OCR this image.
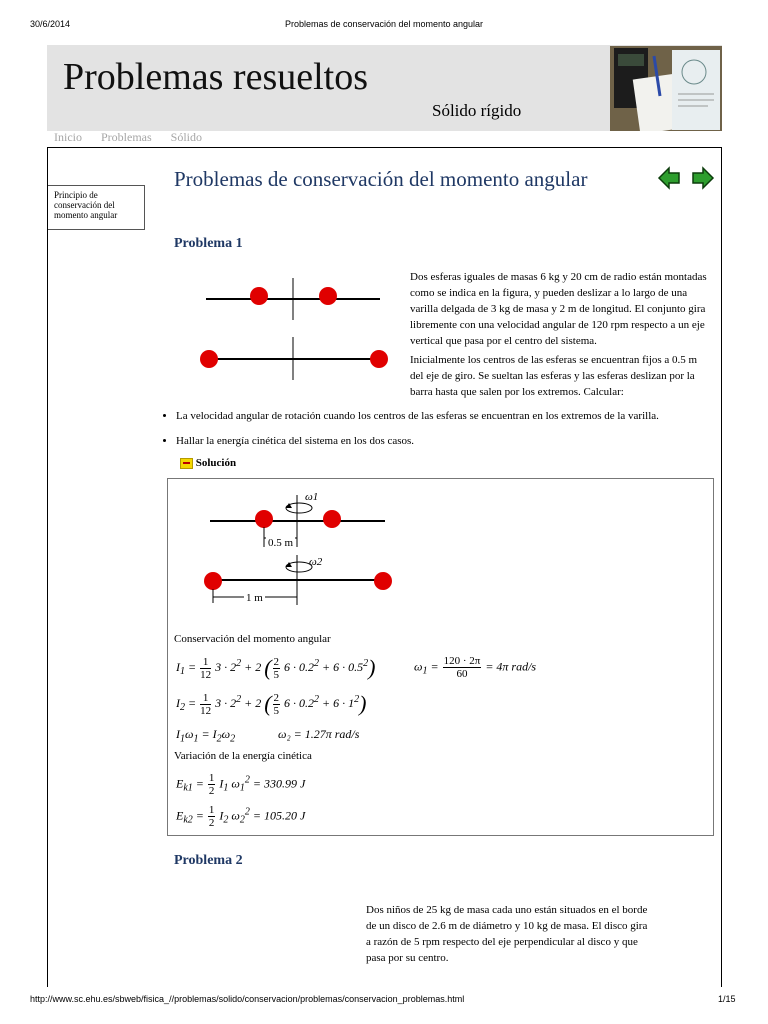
30/6/2014	Problemas de conservación del momento angular
Problemas resueltos
Sólido rígido
Inicio Problemas Sólido
Principio de conservación del momento angular
Problemas de conservación del momento angular
Problema 1
Dos esferas iguales de masas 6 kg y 20 cm de radio están montadas como se indica en la figura, y pueden deslizar a lo largo de una varilla delgada de 3 kg de masa y 2 m de longitud. El conjunto gira libremente con una velocidad angular de 120 rpm respecto a un eje vertical que pasa por el centro del sistema.
Inicialmente los centros de las esferas se encuentran fijos a 0.5 m del eje de giro. Se sueltan las esferas y las esferas deslizan por la barra hasta que salen por los extremos. Calcular:
• La velocidad angular de rotación cuando los centros de las esferas se encuentran en los extremos de la varilla.
• Hallar la energía cinética del sistema en los dos casos.
Solución
ω1
ω2
0.5 m
1 m
Conservación del momento angular
$I_1 = \frac{1}{12} 3 \cdot 2^2 + 2$ ( $\frac{2}{5} 6 \cdot 0.2^2 + 6 \cdot 0.5^2$)	$\omega_1 = \frac{120 \cdot 2\pi}{60} = 4\pi$ rad/s
$I_2 = \frac{1}{12} 3 \cdot 2^2 + 2$ ( $\frac{2}{5} 6 \cdot 0.2^2 + 6 \cdot 1^2$)
$I_1\omega_1 = I_2\omega_2$	ω₂ = 1.27π rad/s
Variación de la energía cinética
$E_{k1} = \frac{1}{2} I_1$ $\omega_1^2 = 330.99$ J
$E_{k2} = \frac{1}{2} I_2$ $\omega_2^2 = 105.20$ J
Problema 2
Dos niños de 25 kg de masa cada uno están situados en el borde de un disco de 2.6 m de diámetro y 10 kg de masa. El disco gira a razón de 5 rpm respecto del eje perpendicular al disco y que pasa por su centro.
http://www.sc.ehu.es/sbweb/fisica_//problemas/solido/conservacion/problemas/conservacion_problemas.html	1/15
